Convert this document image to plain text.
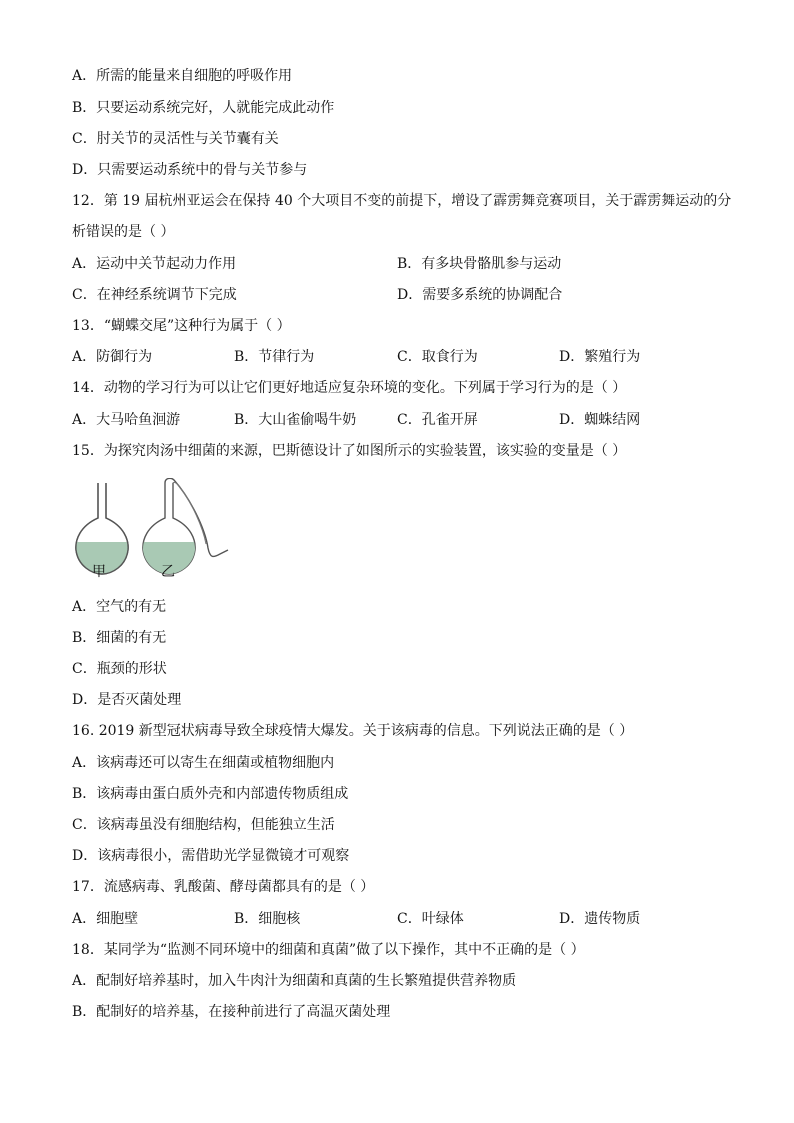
A．所需的能量来自细胞的呼吸作用
B．只要运动系统完好，人就能完成此动作
C．肘关节的灵活性与关节囊有关
D．只需要运动系统中的骨与关节参与
12．第 19 届杭州亚运会在保持 40 个大项目不变的前提下，增设了霹雳舞竞赛项目，关于霹雳舞运动的分
析错误的是（ ）
A．运动中关节起动力作用	B．有多块骨骼肌参与运动
C．在神经系统调节下完成	D．需要多系统的协调配合
13．“蝴蝶交尾”这种行为属于（ ）
A．防御行为	B．节律行为	C．取食行为	D．繁殖行为
14．动物的学习行为可以让它们更好地适应复杂环境的变化。下列属于学习行为的是（ ）
A．大马哈鱼洄游	B．大山雀偷喝牛奶	C．孔雀开屏	D．蜘蛛结网
15．为探究肉汤中细菌的来源，巴斯德设计了如图所示的实验装置，该实验的变量是（ ）
甲	乙
A．空气的有无
B．细菌的有无
C．瓶颈的形状
D．是否灭菌处理
16. 2019 新型冠状病毒导致全球疫情大爆发。关于该病毒的信息。下列说法正确的是（ ）
A．该病毒还可以寄生在细菌或植物细胞内
B．该病毒由蛋白质外壳和内部遗传物质组成
C．该病毒虽没有细胞结构，但能独立生活
D．该病毒很小，需借助光学显微镜才可观察
17．流感病毒、乳酸菌、酵母菌都具有的是（ ）
A．细胞壁	B．细胞核	C．叶绿体	D．遗传物质
18．某同学为“监测不同环境中的细菌和真菌”做了以下操作，其中不正确的是（ ）
A．配制好培养基时，加入牛肉汁为细菌和真菌的生长繁殖提供营养物质
B．配制好的培养基，在接种前进行了高温灭菌处理
